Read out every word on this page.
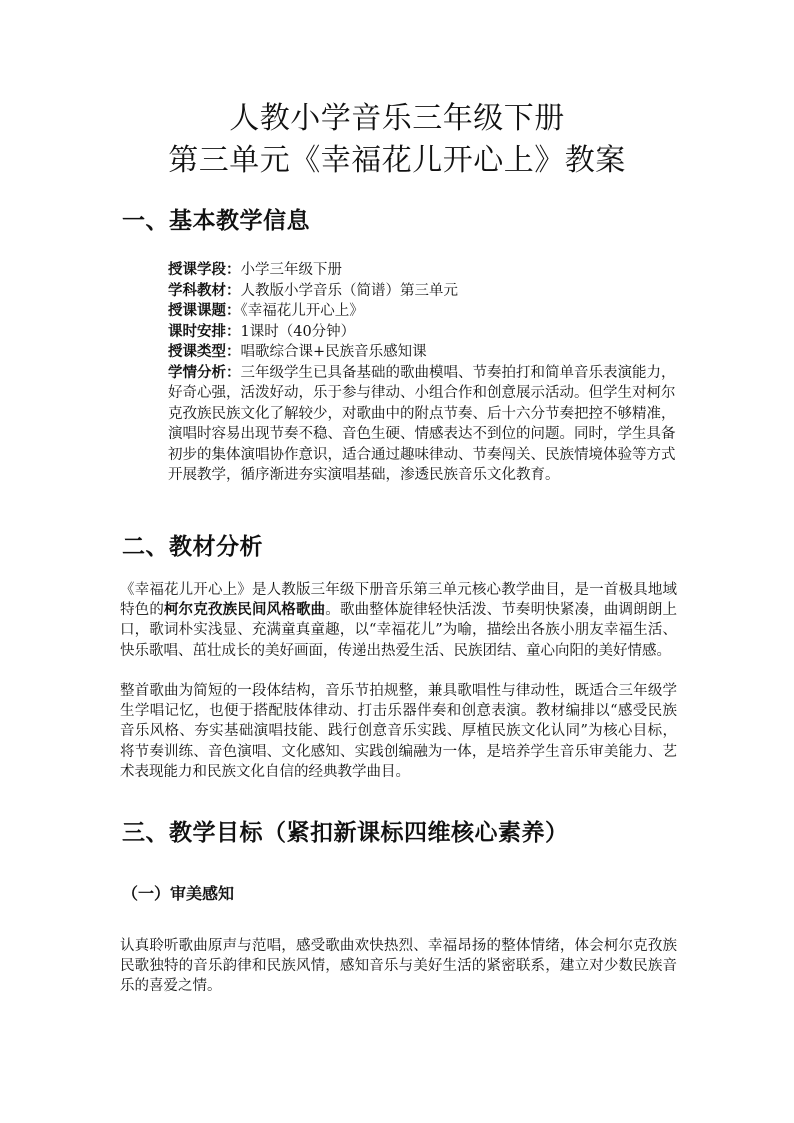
人教小学音乐三年级下册
第三单元《幸福花儿开心上》教案
一、基本教学信息
授课学段：小学三年级下册
学科教材：人教版小学音乐（简谱）第三单元
授课课题：《幸福花儿开心上》
课时安排：1课时（40分钟）
授课类型：唱歌综合课+民族音乐感知课
学情分析：三年级学生已具备基础的歌曲模唱、节奏拍打和简单音乐表演能力，好奇心强，活泼好动，乐于参与律动、小组合作和创意展示活动。但学生对柯尔克孜族民族文化了解较少，对歌曲中的附点节奏、后十六分节奏把控不够精准，演唱时容易出现节奏不稳、音色生硬、情感表达不到位的问题。同时，学生具备初步的集体演唱协作意识，适合通过趣味律动、节奏闯关、民族情境体验等方式开展教学，循序渐进夯实演唱基础，渗透民族音乐文化教育。
二、教材分析
《幸福花儿开心上》是人教版三年级下册音乐第三单元核心教学曲目，是一首极具地域特色的柯尔克孜族民间风格歌曲。歌曲整体旋律轻快活泼、节奏明快紧凑，曲调朗朗上口，歌词朴实浅显、充满童真童趣，以“幸福花儿”为喻，描绘出各族小朋友幸福生活、快乐歌唱、茁壮成长的美好画面，传递出热爱生活、民族团结、童心向阳的美好情感。
整首歌曲为简短的一段体结构，音乐节拍规整，兼具歌唱性与律动性，既适合三年级学生学唱记忆，也便于搭配肢体律动、打击乐器伴奏和创意表演。教材编排以“感受民族音乐风格、夯实基础演唱技能、践行创意音乐实践、厚植民族文化认同”为核心目标，将节奏训练、音色演唱、文化感知、实践创编融为一体，是培养学生音乐审美能力、艺术表现能力和民族文化自信的经典教学曲目。
三、教学目标（紧扣新课标四维核心素养）
（一）审美感知
认真聆听歌曲原声与范唱，感受歌曲欢快热烈、幸福昂扬的整体情绪，体会柯尔克孜族民歌独特的音乐韵律和民族风情，感知音乐与美好生活的紧密联系，建立对少数民族音乐的喜爱之情。
